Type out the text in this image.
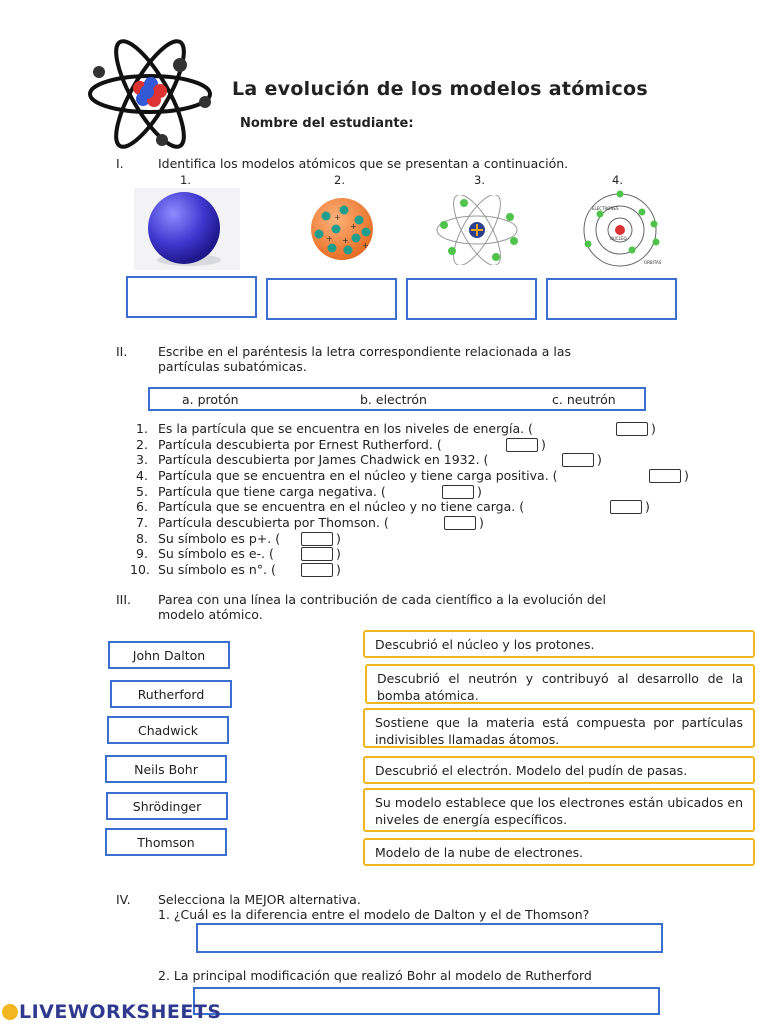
La evolución de los modelos atómicos
Nombre del estudiante:
I.	Identifica los modelos atómicos que se presentan a continuación.
1.	2.	3.	4.
+
+
+ +
+
ELECTRONES
NUCLEO
ORBITAS
II. Escribe en el paréntesis la letra correspondiente relacionada a las
partículas subatómicas.
a. protón	b. electrón	c. neutrón
1. Es la partícula que se encuentra en los niveles de energía. (	)
2. Partícula descubierta por Ernest Rutherford. (	)
3. Partícula descubierta por James Chadwick en 1932. (	)
4. Partícula que se encuentra en el núcleo y tiene carga positiva. (	)
5. Partícula que tiene carga negativa. (	)
6. Partícula que se encuentra en el núcleo y no tiene carga. (	)
7. Partícula descubierta por Thomson. (	)
8. Su símbolo es p+. (	)
9. Su símbolo es e-. (	)
10. Su símbolo es n°. (	)
III. Parea con una línea la contribución de cada científico a la evolución del
modelo atómico.
John Dalton
Rutherford
Chadwick
Neils Bohr
Shrödinger
Thomson
Descubrió el núcleo y los protones.
Descubrió el neutrón y contribuyó al desarrollo de la bomba atómica.
Sostiene que la materia está compuesta por partículas indivisibles llamadas átomos.
Descubrió el electrón. Modelo del pudín de pasas.
Su modelo establece que los electrones están ubicados en niveles de energía específicos.
Modelo de la nube de electrones.
IV. Selecciona la MEJOR alternativa.
1. ¿Cuál es la diferencia entre el modelo de Dalton y el de Thomson?
2. La principal modificación que realizó Bohr al modelo de Rutherford
LIVEWORKSHEETS
